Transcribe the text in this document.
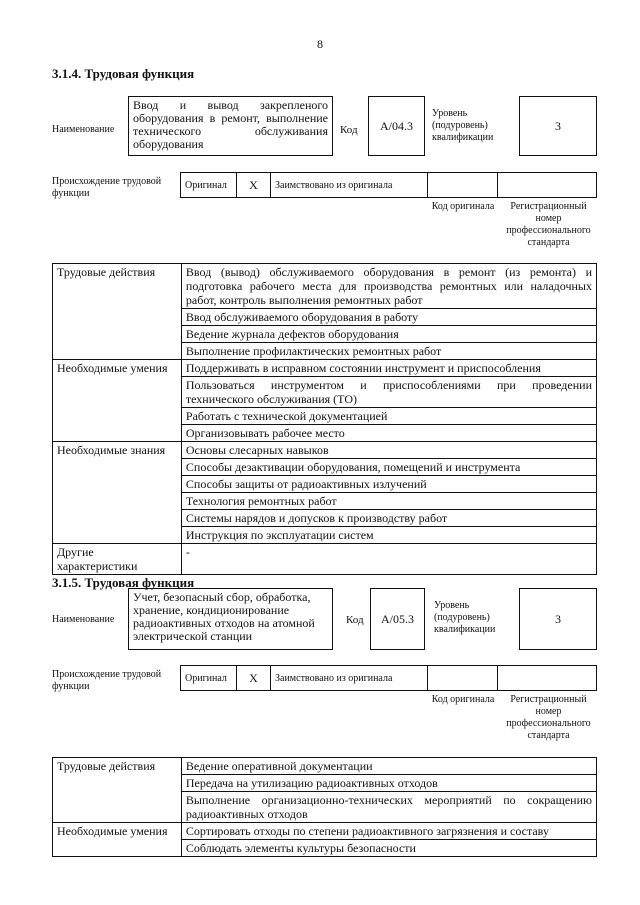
8
3.1.4. Трудовая функция
Наименование
Ввод и вывод закрепленого оборудования в ремонт, выполнение технического обслуживания оборудования
Код	A/04.3
Уровень (подуровень) квалификации
3
Происхождение трудовой функции
Оригинал	X	Заимствовано из оригинала
Код оригинала	Регистрационный номер профессионального стандарта
Трудовые действия	Ввод (вывод) обслуживаемого оборудования в ремонт (из ремонта) и подготовка рабочего места для производства ремонтных или наладочных работ, контроль выполнения ремонтных работ
	Ввод обслуживаемого оборудования в работу
	Ведение журнала дефектов оборудования
	Выполнение профилактических ремонтных работ
Необходимые умения	Поддерживать в исправном состоянии инструмент и приспособления
	Пользоваться инструментом и приспособлениями при проведении технического обслуживания (ТО)
	Работать с технической документацией
	Организовывать рабочее место
Необходимые знания	Основы слесарных навыков
	Способы дезактивации оборудования, помещений и инструмента
	Способы защиты от радиоактивных излучений
	Технология ремонтных работ
	Системы нарядов и допусков к производству работ
	Инструкция по эксплуатации систем
Другие характеристики	-
3.1.5. Трудовая функция
Наименование
Учет, безопасный сбор, обработка, хранение, кондиционирование радиоактивных отходов на атомной электрической станции
Код	A/05.3
Уровень (подуровень) квалификации
3
Происхождение трудовой функции
Оригинал	X	Заимствовано из оригинала
Код оригинала	Регистрационный номер профессионального стандарта
Трудовые действия	Ведение оперативной документации
	Передача на утилизацию радиоактивных отходов
	Выполнение организационно-технических мероприятий по сокращению радиоактивных отходов
Необходимые умения	Сортировать отходы по степени радиоактивного загрязнения и составу
	Соблюдать элементы культуры безопасности
